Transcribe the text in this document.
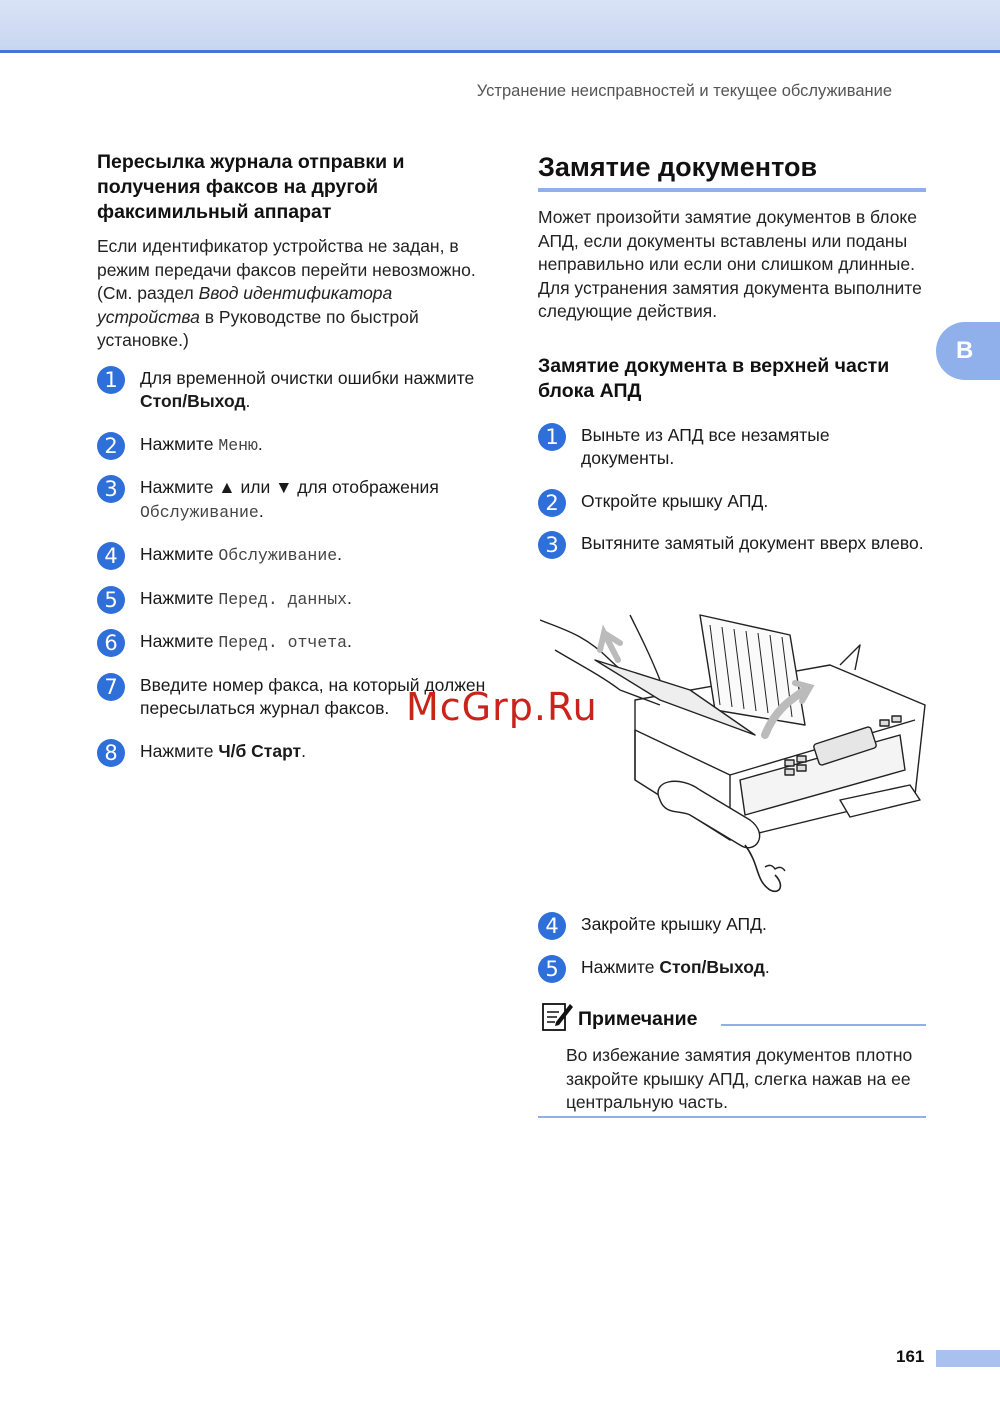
Устранение неисправностей и текущее обслуживание
B
Пересылка журнала отправки и получения факсов на другой факсимильный аппарат

Если идентификатор устройства не задан, в режим передачи факсов перейти невозможно. (См. раздел Ввод идентификатора устройства в Руководстве по быстрой установке.)

1	Для временной очистки ошибки нажмите Стоп/Выход.
2	Нажмите Меню.
3	Нажмите ▲ или ▼ для отображения Обслуживание.
4	Нажмите Обслуживание.
5	Нажмите Перед. данных.
6	Нажмите Перед. отчета.
7	Введите номер факса, на который должен пересылаться журнал факсов.
8	Нажмите Ч/б Старт.
Замятие документов

Может произойти замятие документов в блоке АПД, если документы вставлены или поданы неправильно или если они слишком длинные. Для устранения замятия документа выполните следующие действия.

Замятие документа в верхней части блока АПД
1	Выньте из АПД все незамятые документы.
2	Откройте крышку АПД.
3	Вытяните замятый документ вверх влево.
McGrp.Ru
4	Закройте крышку АПД.
5	Нажмите Стоп/Выход.
Примечание
Во избежание замятия документов плотно закройте крышку АПД, слегка нажав на ее центральную часть.
161
